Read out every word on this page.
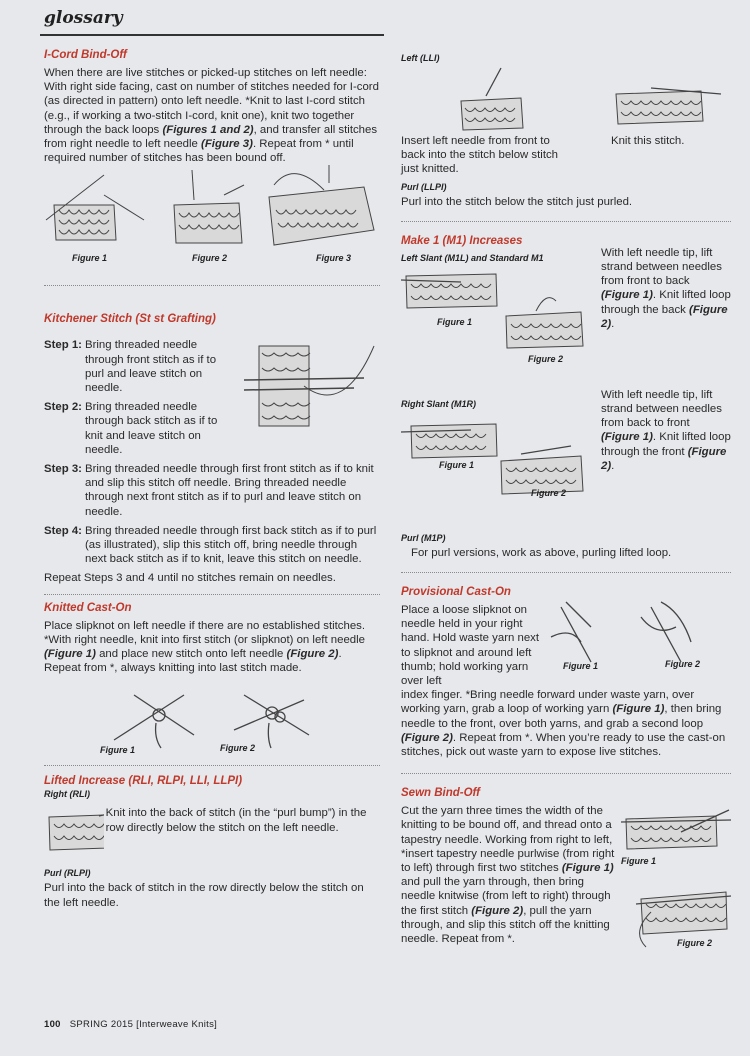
glossary
I-Cord Bind-Off

When there are live stitches or picked-up stitches on left needle: With right side facing, cast on number of stitches needed for I-cord (as directed in pattern) onto left needle. *Knit to last I-cord stitch (e.g., if working a two-stitch I-cord, knit one), knit two together through the back loops (Figures 1 and 2), and transfer all stitches from right needle to left needle (Figure 3). Repeat from * until required number of stitches has been bound off.

Figure 1	Figure 2	Figure 3
Kitchener Stitch (St st Grafting)
Step 1: Bring threaded needle through front stitch as if to purl and leave stitch on needle.
Step 2: Bring threaded needle through back stitch as if to knit and leave stitch on needle.
Step 3: Bring threaded needle through first front stitch as if to knit and slip this stitch off needle. Bring threaded needle through next front stitch as if to purl and leave stitch on needle.
Step 4: Bring threaded needle through first back stitch as if to purl (as illustrated), slip this stitch off, bring needle through next back stitch as if to knit, leave this stitch on needle.

Repeat Steps 3 and 4 until no stitches remain on needles.

Knitted Cast-On

Place slipknot on left needle if there are no established stitches. *With right needle, knit into first stitch (or slipknot) on left needle (Figure 1) and place new stitch onto left needle (Figure 2). Repeat from *, always knitting into last stitch made.

Figure 1	Figure 2
Lifted Increase (RLI, RLPI, LLI, LLPI)
Right (RLI)

Knit into the back of stitch (in the “purl bump”) in the row directly below the stitch on the left needle.

Purl (RLPI)

Purl into the back of stitch in the row directly below the stitch on the left needle.

Left (LLI)

Insert left needle from front to back into the stitch below stitch just knitted.

Knit this stitch.

Purl (LLPI)

Purl into the stitch below the stitch just purled.

Make 1 (M1) Increases
Left Slant (M1L) and Standard M1
Figure 1
Figure 2

With left needle tip, lift strand between needles from front to back (Figure 1). Knit lifted loop through the back (Figure 2).

Right Slant (M1R)
Figure 1
Figure 2

With left needle tip, lift strand between needles from back to front (Figure 1). Knit lifted loop through the front (Figure 2).

Purl (M1P)

For purl versions, work as above, purling lifted loop.

Provisional Cast-On

Place a loose slipknot on needle held in your right hand. Hold waste yarn next to slipknot and around left thumb; hold working yarn over left

Figure 1	Figure 2

index finger. *Bring needle forward under waste yarn, over working yarn, grab a loop of working yarn (Figure 1), then bring needle to the front, over both yarns, and grab a second loop (Figure 2). Repeat from *. When you’re ready to use the cast-on stitches, pick out waste yarn to expose live stitches.

Sewn Bind-Off

Cut the yarn three times the width of the knitting to be bound off, and thread onto a tapestry needle. Working from right to left, *insert tapestry needle purlwise (from right to left) through first two stitches (Figure 1) and pull the yarn through, then bring needle knitwise (from left to right) through the first stitch (Figure 2), pull the yarn through, and slip this stitch off the knitting needle. Repeat from *.

Figure 1
Figure 2
100 SPRING 2015 [Interweave Knits]
